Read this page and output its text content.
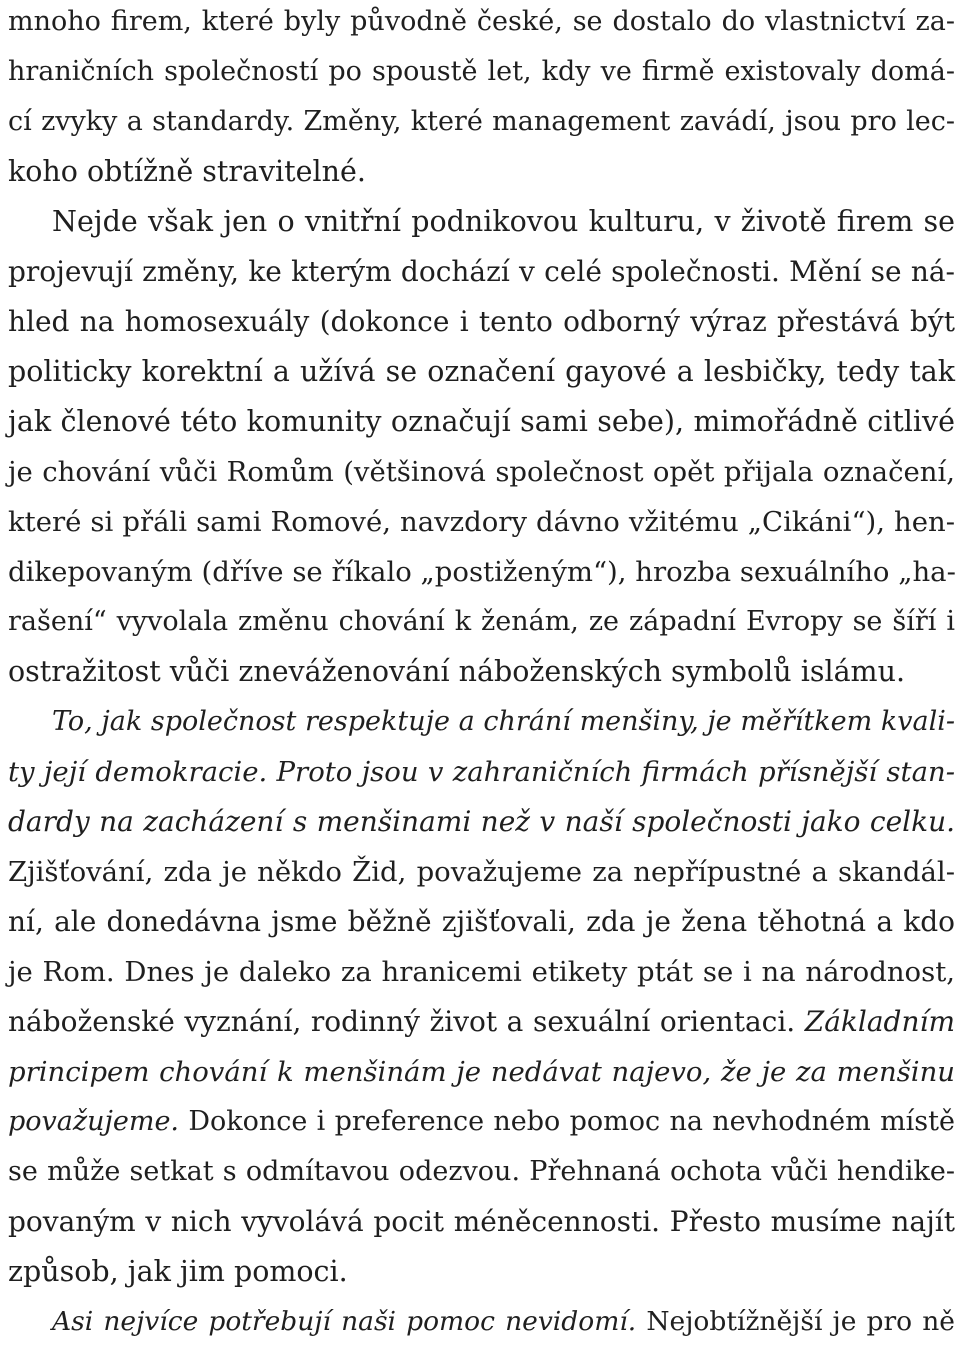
mnoho firem, které byly původně české, se dostalo do vlastnictví za-
hraničních společností po spoustě let, kdy ve firmě existovaly domá-
cí zvyky a standardy. Změny, které management zavádí, jsou pro lec-
koho obtížně stravitelné.
Nejde však jen o vnitřní podnikovou kulturu, v životě firem se
projevují změny, ke kterým dochází v celé společnosti. Mění se ná-
hled na homosexuály (dokonce i tento odborný výraz přestává být
politicky korektní a užívá se označení gayové a lesbičky, tedy tak
jak členové této komunity označují sami sebe), mimořádně citlivé
je chování vůči Romům (většinová společnost opět přijala označení,
které si přáli sami Romové, navzdory dávno vžitému „Cikáni“), hen-
dikepovaným (dříve se říkalo „postiženým“), hrozba sexuálního „ha-
rašení“ vyvolala změnu chování k ženám, ze západní Evropy se šíří i
ostražitost vůči zneváženování náboženských symbolů islámu.
To, jak společnost respektuje a chrání menšiny, je měřítkem kvali-
ty její demokracie. Proto jsou v zahraničních firmách přísnější stan-
dardy na zacházení s menšinami než v naší společnosti jako celku.
Zjišťování, zda je někdo Žid, považujeme za nepřípustné a skandál-
ní, ale donedávna jsme běžně zjišťovali, zda je žena těhotná a kdo
je Rom. Dnes je daleko za hranicemi etikety ptát se i na národnost,
náboženské vyznání, rodinný život a sexuální orientaci. Základním
principem chování k menšinám je nedávat najevo, že je za menšinu
považujeme. Dokonce i preference nebo pomoc na nevhodném místě
se může setkat s odmítavou odezvou. Přehnaná ochota vůči hendike-
povaným v nich vyvolává pocit méněcennosti. Přesto musíme najít
způsob, jak jim pomoci.
Asi nejvíce potřebují naši pomoc nevidomí. Nejobtížnější je pro ně
